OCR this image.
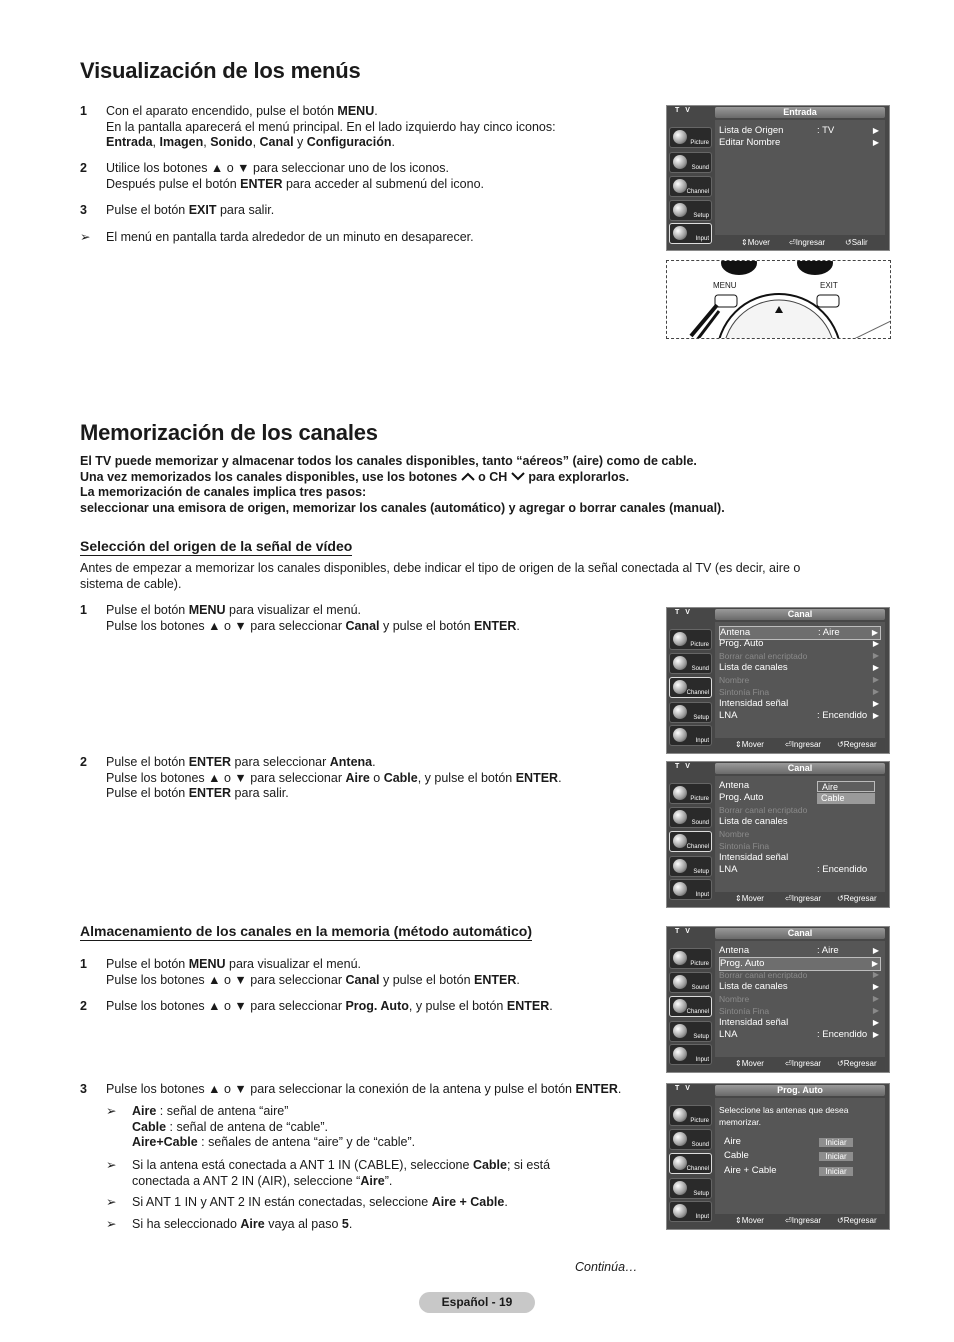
Visualización de los menús
1 Con el aparato encendido, pulse el botón MENU.
En la pantalla aparecerá el menú principal. En el lado izquierdo hay cinco iconos:
Entrada, Imagen, Sonido, Canal y Configuración.
2 Utilice los botones ▲ o ▼ para seleccionar uno de los iconos.
Después pulse el botón ENTER para acceder al submenú del icono.
3 Pulse el botón EXIT para salir.
➢ El menú en pantalla tarda alrededor de un minuto en desaparecer.
T V	Entrada
Picture
Sound
Channel
Setup
Input
Lista de Origen	: TV	▶
Editar Nombre	▶
⇕ Mover ⏎ Ingresar ↺ Salir
MENU	EXIT
Memorización de los canales
El TV puede memorizar y almacenar todos los canales disponibles, tanto “aéreos” (aire) como de cable.
Una vez memorizados los canales disponibles, use los botones o CH para explorarlos.
La memorización de canales implica tres pasos:
seleccionar una emisora de origen, memorizar los canales (automático) y agregar o borrar canales (manual).
Selección del origen de la señal de vídeo
Antes de empezar a memorizar los canales disponibles, debe indicar el tipo de origen de la señal conectada al TV (es decir, aire o
sistema de cable).
1 Pulse el botón MENU para visualizar el menú.
Pulse los botones ▲ o ▼ para seleccionar Canal y pulse el botón ENTER.
2 Pulse el botón ENTER para seleccionar Antena.
Pulse los botones ▲ o ▼ para seleccionar Aire o Cable, y pulse el botón ENTER.
Pulse el botón ENTER para salir.
Almacenamiento de los canales en la memoria (método automático)
1 Pulse el botón MENU para visualizar el menú.
Pulse los botones ▲ o ▼ para seleccionar Canal y pulse el botón ENTER.
2 Pulse los botones ▲ o ▼ para seleccionar Prog. Auto, y pulse el botón ENTER.
3 Pulse los botones ▲ o ▼ para seleccionar la conexión de la antena y pulse el botón ENTER.
➢ Aire : señal de antena “aire”
Cable : señal de antena de “cable”.
Aire+Cable : señales de antena “aire” y de “cable”.
➢ Si la antena está conectada a ANT 1 IN (CABLE), seleccione Cable; si está
conectada a ANT 2 IN (AIR), seleccione “Aire”.
➢ Si ANT 1 IN y ANT 2 IN están conectadas, seleccione Aire + Cable.
➢ Si ha seleccionado Aire vaya al paso 5.
T V	Canal
Picture
Sound
Channel
Setup
Input
Antena	: Aire	▶
Prog. Auto	▶
Borrar canal encriptado	▶
Lista de canales	▶
Nombre	▶
Sintonía Fina	▶
Intensidad señal	▶
LNA	: Encendido ▶
⇕ Mover	⏎ Ingresar ↺ Regresar
T V	Canal
Picture
Sound
Channel
Setup
Input
Antena
Prog. Auto
Borrar canal encriptado
Lista de canales
Nombre
Sintonía Fina
Intensidad señal
LNA	: Encendido
Aire
Cable
⇕ Mover	⏎ Ingresar ↺ Regresar
T V	Canal
Picture
Sound
Channel
Setup
Input
Antena	: Aire	▶
Prog. Auto	▶
Borrar canal encriptado	▶
Lista de canales	▶
Nombre	▶
Sintonía Fina	▶
Intensidad señal	▶
LNA	: Encendido ▶
⇕ Mover	⏎ Ingresar ↺ Regresar
T V	Prog. Auto
Picture
Sound
Channel
Setup
Input
Seleccione las antenas que desea memorizar.
Aire	Iniciar
Cable	Iniciar
Aire + Cable	Iniciar
⇕ Mover	⏎ Ingresar ↺ Regresar
Continúa…
Español - 19
